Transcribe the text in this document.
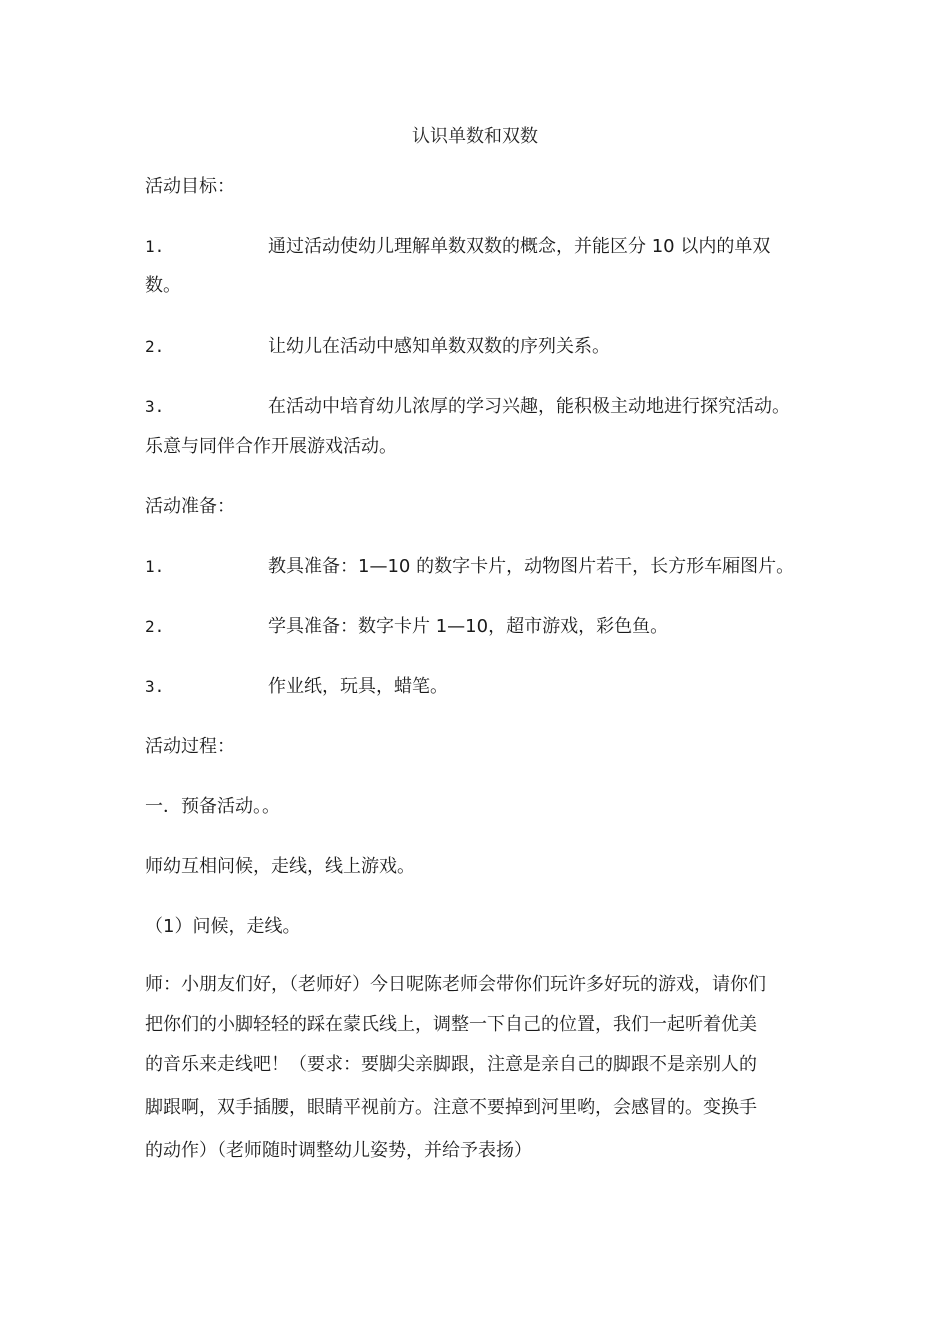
认识单数和双数
活动目标：
1.	通过活动使幼儿理解单数双数的概念，并能区分 10 以内的单双
数。
2.	让幼儿在活动中感知单数双数的序列关系。
3.	在活动中培育幼儿浓厚的学习兴趣，能积极主动地进行探究活动。
乐意与同伴合作开展游戏活动。
活动准备：
1.	教具准备：1—10 的数字卡片，动物图片若干，长方形车厢图片。
2.	学具准备：数字卡片 1—10，超市游戏，彩色鱼。
3.	作业纸，玩具，蜡笔。
活动过程：
一．预备活动。。
师幼互相问候，走线，线上游戏。
（1）问候，走线。
师：小朋友们好，（老师好）今日呢陈老师会带你们玩许多好玩的游戏，请你们
把你们的小脚轻轻的踩在蒙氏线上，调整一下自己的位置，我们一起听着优美
的音乐来走线吧！（要求：要脚尖亲脚跟，注意是亲自己的脚跟不是亲别人的
脚跟啊，双手插腰，眼睛平视前方。注意不要掉到河里哟，会感冒的。变换手
的动作）（老师随时调整幼儿姿势，并给予表扬）
